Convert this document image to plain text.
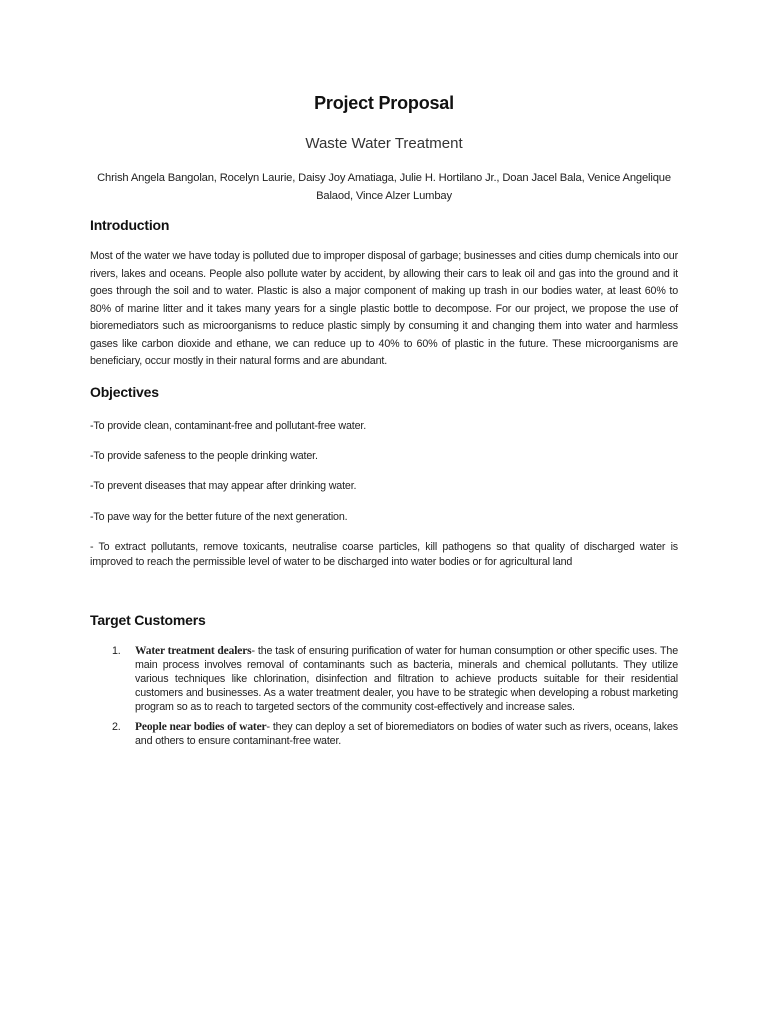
Project Proposal
Waste Water Treatment
Chrish Angela Bangolan, Rocelyn Laurie, Daisy Joy Amatiaga, Julie H. Hortilano Jr., Doan Jacel Bala, Venice Angelique Balaod, Vince Alzer Lumbay
Introduction

Most of the water we have today is polluted due to improper disposal of garbage; businesses and cities dump chemicals into our rivers, lakes and oceans. People also pollute water by accident, by allowing their cars to leak oil and gas into the ground and it goes through the soil and to water. Plastic is also a major component of making up trash in our bodies water, at least 60% to 80% of marine litter and it takes many years for a single plastic bottle to decompose. For our project, we propose the use of bioremediators such as microorganisms to reduce plastic simply by consuming it and changing them into water and harmless gases like carbon dioxide and ethane, we can reduce up to 40% to 60% of plastic in the future. These microorganisms are beneficiary, occur mostly in their natural forms and are abundant.

Objectives

-To provide clean, contaminant-free and pollutant-free water.

-To provide safeness to the people drinking water.

-To prevent diseases that may appear after drinking water.

-To pave way for the better future of the next generation.

- To extract pollutants, remove toxicants, neutralise coarse particles, kill pathogens so that quality of discharged water is improved to reach the permissible level of water to be discharged into water bodies or for agricultural land

Target Customers
1. Water treatment dealers- the task of ensuring purification of water for human consumption or other specific uses. The main process involves removal of contaminants such as bacteria, minerals and chemical pollutants. They utilize various techniques like chlorination, disinfection and filtration to achieve products suitable for their residential customers and businesses. As a water treatment dealer, you have to be strategic when developing a robust marketing program so as to reach to targeted sectors of the community cost-effectively and increase sales.
2. People near bodies of water- they can deploy a set of bioremediators on bodies of water such as rivers, oceans, lakes and others to ensure contaminant-free water.
